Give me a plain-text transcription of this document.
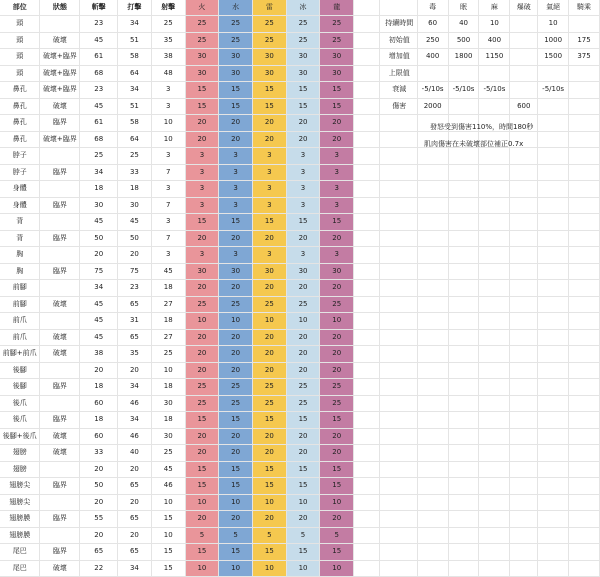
部位	狀態	斬擊	打擊	射擊	火	水	雷	冰	龍			毒	眠	麻	爆破	氣絕	騎乘
頭		23	34	25	25	25	25	25	25		持續時間	60	40	10		10	
頭	破壞	45	51	35	25	25	25	25	25		初始值	250	500	400		1000	175
頭	破壞+臨界	61	58	38	30	30	30	30	30		增加值	400	1800	1150		1500	375
頭	破壞+臨界	68	64	48	30	30	30	30	30		上限值						
鼻孔	破壞+臨界	23	34	3	15	15	15	15	15		衰減	-5/10s	-5/10s	-5/10s		-5/10s	
鼻孔	破壞	45	51	3	15	15	15	15	15		傷害	2000			600		
鼻孔	臨界	61	58	10	20	20	20	20	20								
鼻孔	破壞+臨界	68	64	10	20	20	20	20	20								
脖子		25	25	3	3	3	3	3	3								
脖子	臨界	34	33	7	3	3	3	3	3								
身體		18	18	3	3	3	3	3	3								
身體	臨界	30	30	7	3	3	3	3	3								
背		45	45	3	15	15	15	15	15								
背	臨界	50	50	7	20	20	20	20	20								
胸		20	20	3	3	3	3	3	3								
胸	臨界	75	75	45	30	30	30	30	30								
前腳		34	23	18	20	20	20	20	20								
前腳	破壞	45	65	27	25	25	25	25	25								
前爪		45	31	18	10	10	10	10	10								
前爪	破壞	45	65	27	20	20	20	20	20								
前腳+前爪	破壞	38	35	25	20	20	20	20	20								
後腳		20	20	10	20	20	20	20	20								
後腳	臨界	18	34	18	25	25	25	25	25								
後爪		60	46	30	25	25	25	25	25								
後爪	臨界	18	34	18	15	15	15	15	15								
後腳+後爪	破壞	60	46	30	20	20	20	20	20								
翅膀	破壞	33	40	25	20	20	20	20	20								
翅膀		20	20	45	15	15	15	15	15								
翅膀尖	臨界	50	65	46	15	15	15	15	15								
翅膀尖		20	20	10	10	10	10	10	10								
翅膀膜	臨界	55	65	15	20	20	20	20	20								
翅膀膜		20	20	10	5	5	5	5	5								
尾巴	臨界	65	65	15	15	15	15	15	15								
尾巴	破壞	22	34	15	10	10	10	10	10								
發怒受到傷害110%，時間180秒
肌肉傷害在未破壞部位補正0.7x
